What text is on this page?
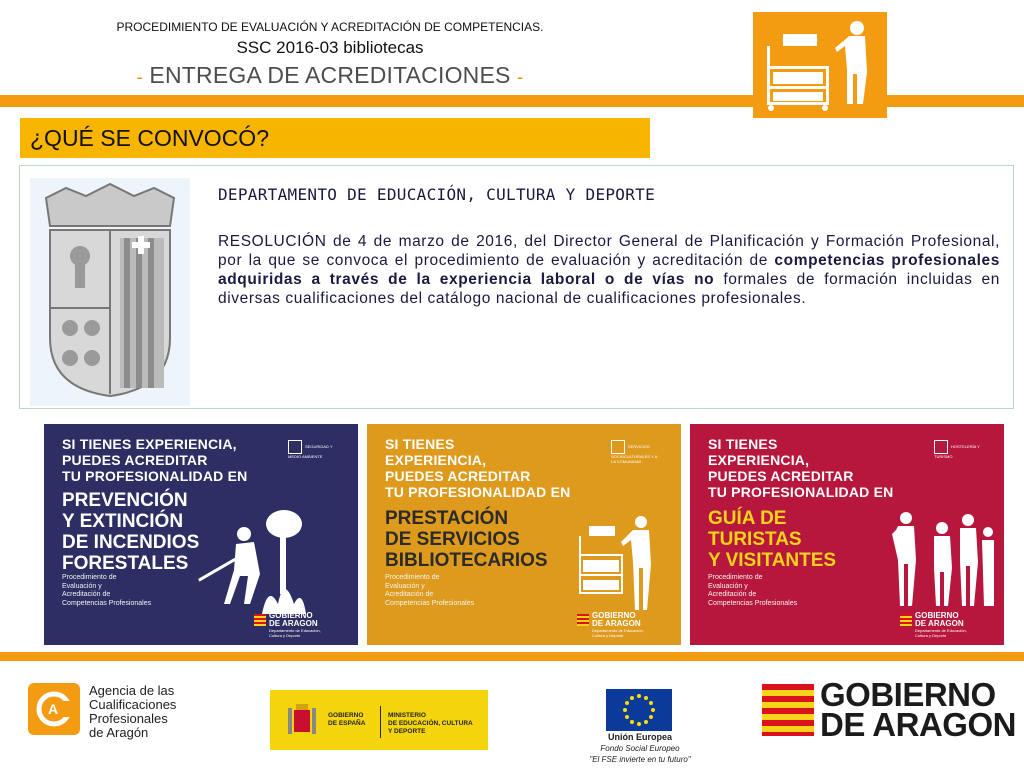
PROCEDIMIENTO DE EVALUACIÓN Y ACREDITACIÓN DE COMPETENCIAS.
SSC 2016-03 bibliotecas
- ENTREGA DE ACREDITACIONES -
¿QUÉ SE CONVOCÓ?
DEPARTAMENTO DE EDUCACIÓN, CULTURA Y DEPORTE
RESOLUCIÓN de 4 de marzo de 2016, del Director General de Planificación y Formación Profesional, por la que se convoca el procedimiento de evaluación y acreditación de competencias profesionales adquiridas a través de la experiencia laboral o de vías no formales de formación incluidas en diversas cualificaciones del catálogo nacional de cualificaciones profesionales.
SI TIENES EXPERIENCIA,
PUEDES ACREDITAR
TU PROFESIONALIDAD EN
PREVENCIÓN
Y EXTINCIÓN
DE INCENDIOS
FORESTALES
SEGURIDAD Y MEDIO AMBIENTE
Procedimiento de
Evaluación y
Acreditación de
Competencias Profesionales
GOBIERNO
DE ARAGON
Departamento de Educación,
Cultura y Deporte
SI TIENES
EXPERIENCIA,
PUEDES ACREDITAR
TU PROFESIONALIDAD EN
PRESTACIÓN
DE SERVICIOS
BIBLIOTECARIOS
SERVICIOS SOCIOCULTURALES Y A LA COMUNIDAD
Procedimiento de
Evaluación y
Acreditación de
Competencias Profesionales
GOBIERNO
DE ARAGON
Departamento de Educación,
Cultura y Deporte
SI TIENES
EXPERIENCIA,
PUEDES ACREDITAR
TU PROFESIONALIDAD EN
GUÍA DE
TURISTAS
Y VISITANTES
HOSTELERÍA Y TURISMO
Procedimiento de
Evaluación y
Acreditación de
Competencias Profesionales
GOBIERNO
DE ARAGON
Departamento de Educación,
Cultura y Deporte
A
Agencia de las
Cualificaciones
Profesionales
de Aragón
GOBIERNO
DE ESPAÑA
MINISTERIO
DE EDUCACIÓN, CULTURA
Y DEPORTE
Unión Europea
Fondo Social Europeo
"El FSE invierte en tu futuro"
GOBIERNO
DE ARAGON
